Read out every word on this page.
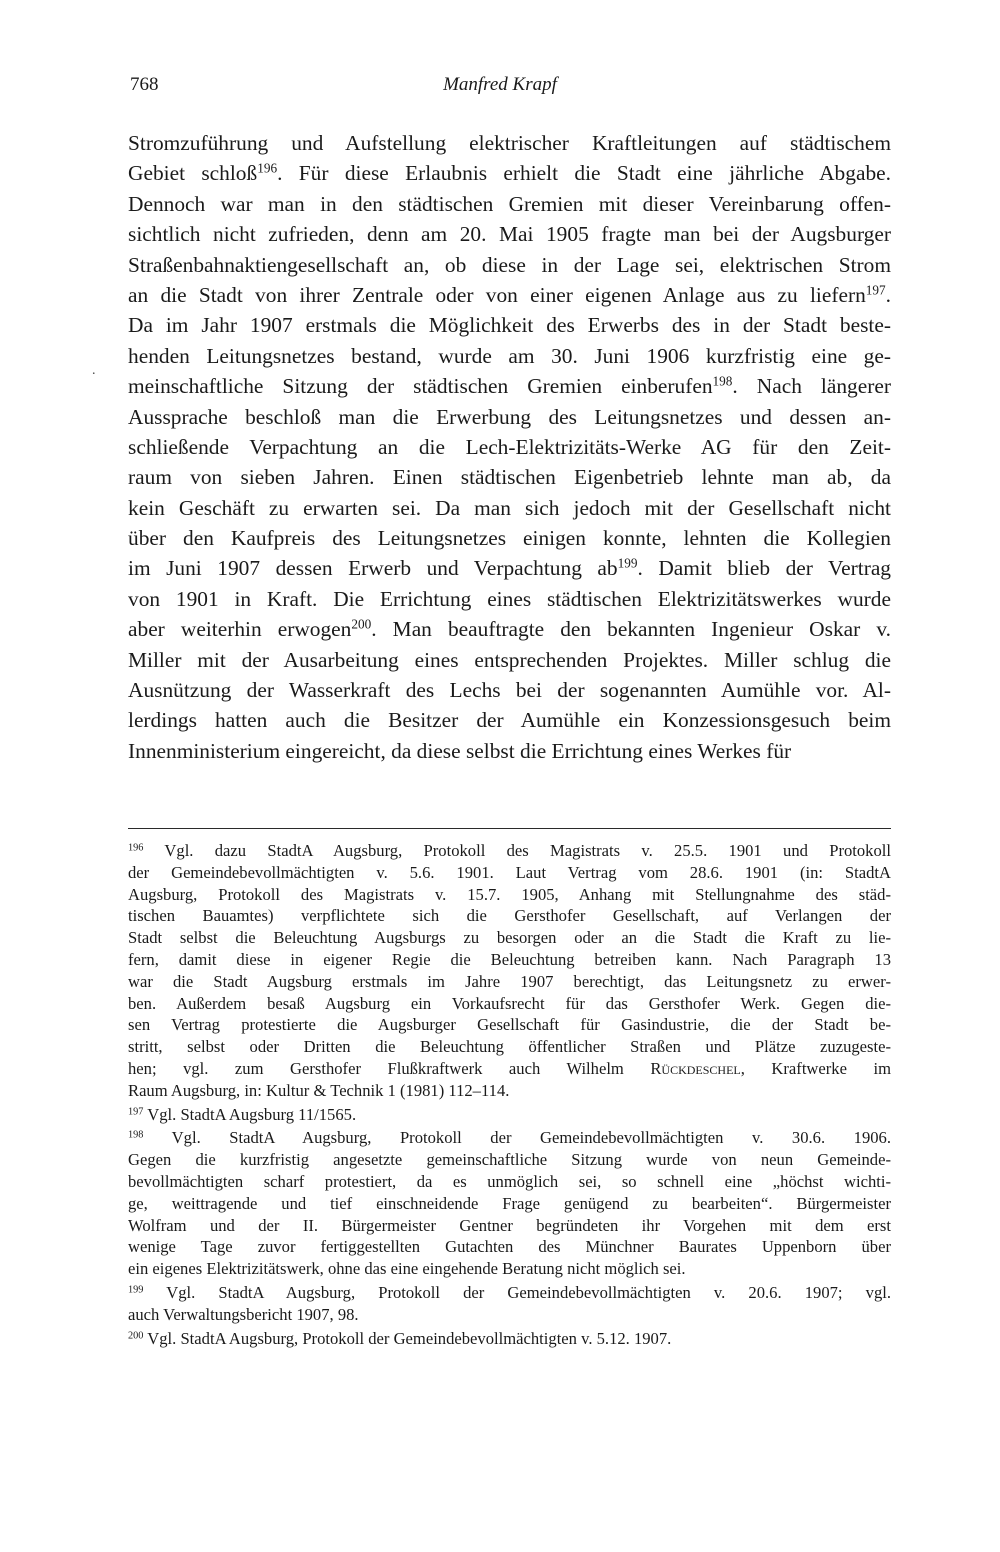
768	Manfred Krapf
.
Stromzuführung und Aufstellung elektrischer Kraftleitungen auf städtischem
Gebiet schloß$^{196}$. Für diese Erlaubnis erhielt die Stadt eine jährliche Abgabe.
Dennoch war man in den städtischen Gremien mit dieser Vereinbarung offen-
sichtlich nicht zufrieden, denn am 20. Mai 1905 fragte man bei der Augsburger
Straßenbahnaktiengesellschaft an, ob diese in der Lage sei, elektrischen Strom
an die Stadt von ihrer Zentrale oder von einer eigenen Anlage aus zu liefern$^{197}$.
Da im Jahr 1907 erstmals die Möglichkeit des Erwerbs des in der Stadt beste-
henden Leitungsnetzes bestand, wurde am 30. Juni 1906 kurzfristig eine ge-
meinschaftliche Sitzung der städtischen Gremien einberufen$^{198}$. Nach längerer
Aussprache beschloß man die Erwerbung des Leitungsnetzes und dessen an-
schließende Verpachtung an die Lech-Elektrizitäts-Werke AG für den Zeit-
raum von sieben Jahren. Einen städtischen Eigenbetrieb lehnte man ab, da
kein Geschäft zu erwarten sei. Da man sich jedoch mit der Gesellschaft nicht
über den Kaufpreis des Leitungsnetzes einigen konnte, lehnten die Kollegien
im Juni 1907 dessen Erwerb und Verpachtung $ab^{199}$. Damit blieb der Vertrag
von 1901 in Kraft. Die Errichtung eines städtischen Elektrizitätswerkes wurde
aber weiterhin erwogen$^{200}$. Man beauftragte den bekannten Ingenieur Oskar v.
Miller mit der Ausarbeitung eines entsprechenden Projektes. Miller schlug die
Ausnützung der Wasserkraft des Lechs bei der sogenannten Aumühle vor. Al-
lerdings hatten auch die Besitzer der Aumühle ein Konzessionsgesuch beim
Innenministerium eingereicht, da diese selbst die Errichtung eines Werkes für
$^{196}$ Vgl. dazu StadtA Augsburg, Protokoll des Magistrats v. 25.5. 1901 und Protokoll
der Gemeindebevollmächtigten v. 5.6. 1901. Laut Vertrag vom 28.6. 1901 (in: StadtA
Augsburg, Protokoll des Magistrats v. 15.7. 1905, Anhang mit Stellungnahme des städ-
tischen Bauamtes) verpflichtete sich die Gersthofer Gesellschaft, auf Verlangen der
Stadt selbst die Beleuchtung Augsburgs zu besorgen oder an die Stadt die Kraft zu lie-
fern, damit diese in eigener Regie die Beleuchtung betreiben kann. Nach Paragraph 13
war die Stadt Augsburg erstmals im Jahre 1907 berechtigt, das Leitungsnetz zu erwer-
ben. Außerdem besaß Augsburg ein Vorkaufsrecht für das Gersthofer Werk. Gegen die-
sen Vertrag protestierte die Augsburger Gesellschaft für Gasindustrie, die der Stadt be-
stritt, selbst oder Dritten die Beleuchtung öffentlicher Straßen und Plätze zuzugeste-
hen; vgl. zum Gersthofer Flußkraftwerk auch Wilhelm Rückdeschel, Kraftwerke im
Raum Augsburg, in: Kultur & Technik 1 (1981) 112–114.
$^{197}$ Vgl. StadtA Augsburg 11/1565.
$^{198}$ Vgl. StadtA Augsburg, Protokoll der Gemeindebevollmächtigten v. 30.6. 1906.
Gegen die kurzfristig angesetzte gemeinschaftliche Sitzung wurde von neun Gemeinde-
bevollmächtigten scharf protestiert, da es unmöglich sei, so schnell eine „höchst wichti-
ge, weittragende und tief einschneidende Frage genügend zu bearbeiten“. Bürgermeister
Wolfram und der II. Bürgermeister Gentner begründeten ihr Vorgehen mit dem erst
wenige Tage zuvor fertiggestellten Gutachten des Münchner Baurates Uppenborn über
ein eigenes Elektrizitätswerk, ohne das eine eingehende Beratung nicht möglich sei.
$^{199}$ Vgl. StadtA Augsburg, Protokoll der Gemeindebevollmächtigten v. 20.6. 1907; vgl.
auch Verwaltungsbericht 1907, 98.
$^{200}$ Vgl. StadtA Augsburg, Protokoll der Gemeindebevollmächtigten v. 5.12. 1907.
